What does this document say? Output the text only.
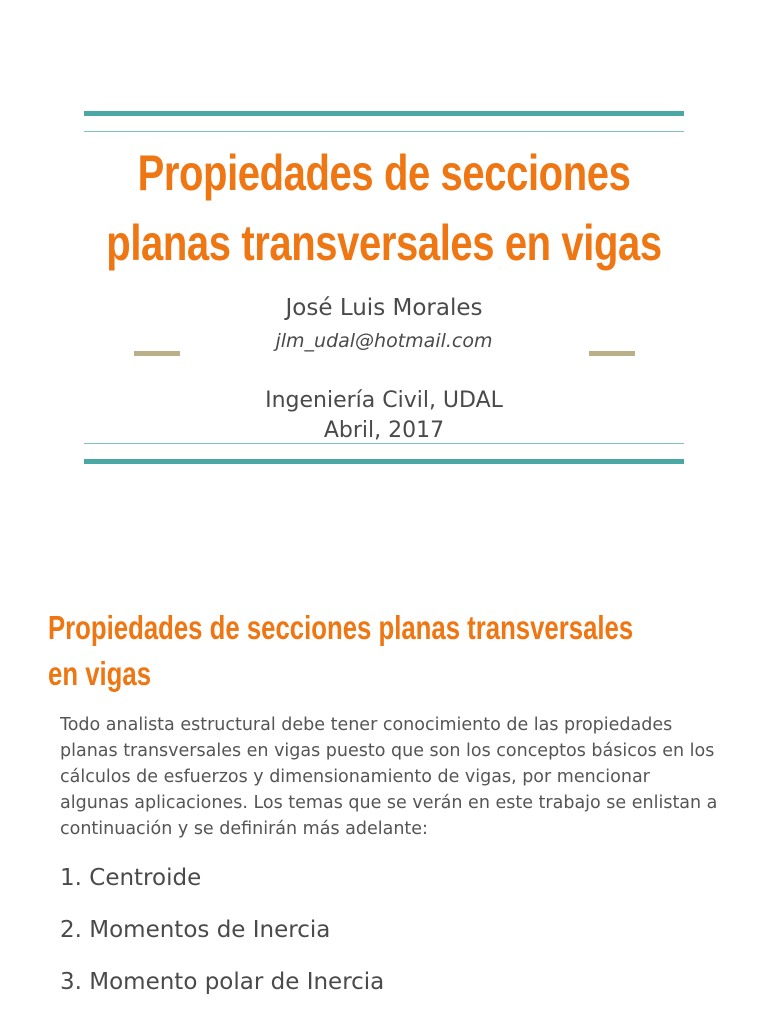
Propiedades de secciones
planas transversales en vigas
José Luis Morales
jlm_udal@hotmail.com
Ingeniería Civil, UDAL
Abril, 2017
Propiedades de secciones planas transversales
en vigas
Todo analista estructural debe tener conocimiento de las propiedades planas transversales en vigas puesto que son los conceptos básicos en los cálculos de esfuerzos y dimensionamiento de vigas, por mencionar algunas aplicaciones. Los temas que se verán en este trabajo se enlistan a continuación y se definirán más adelante:
1. Centroide
2. Momentos de Inercia
3. Momento polar de Inercia
